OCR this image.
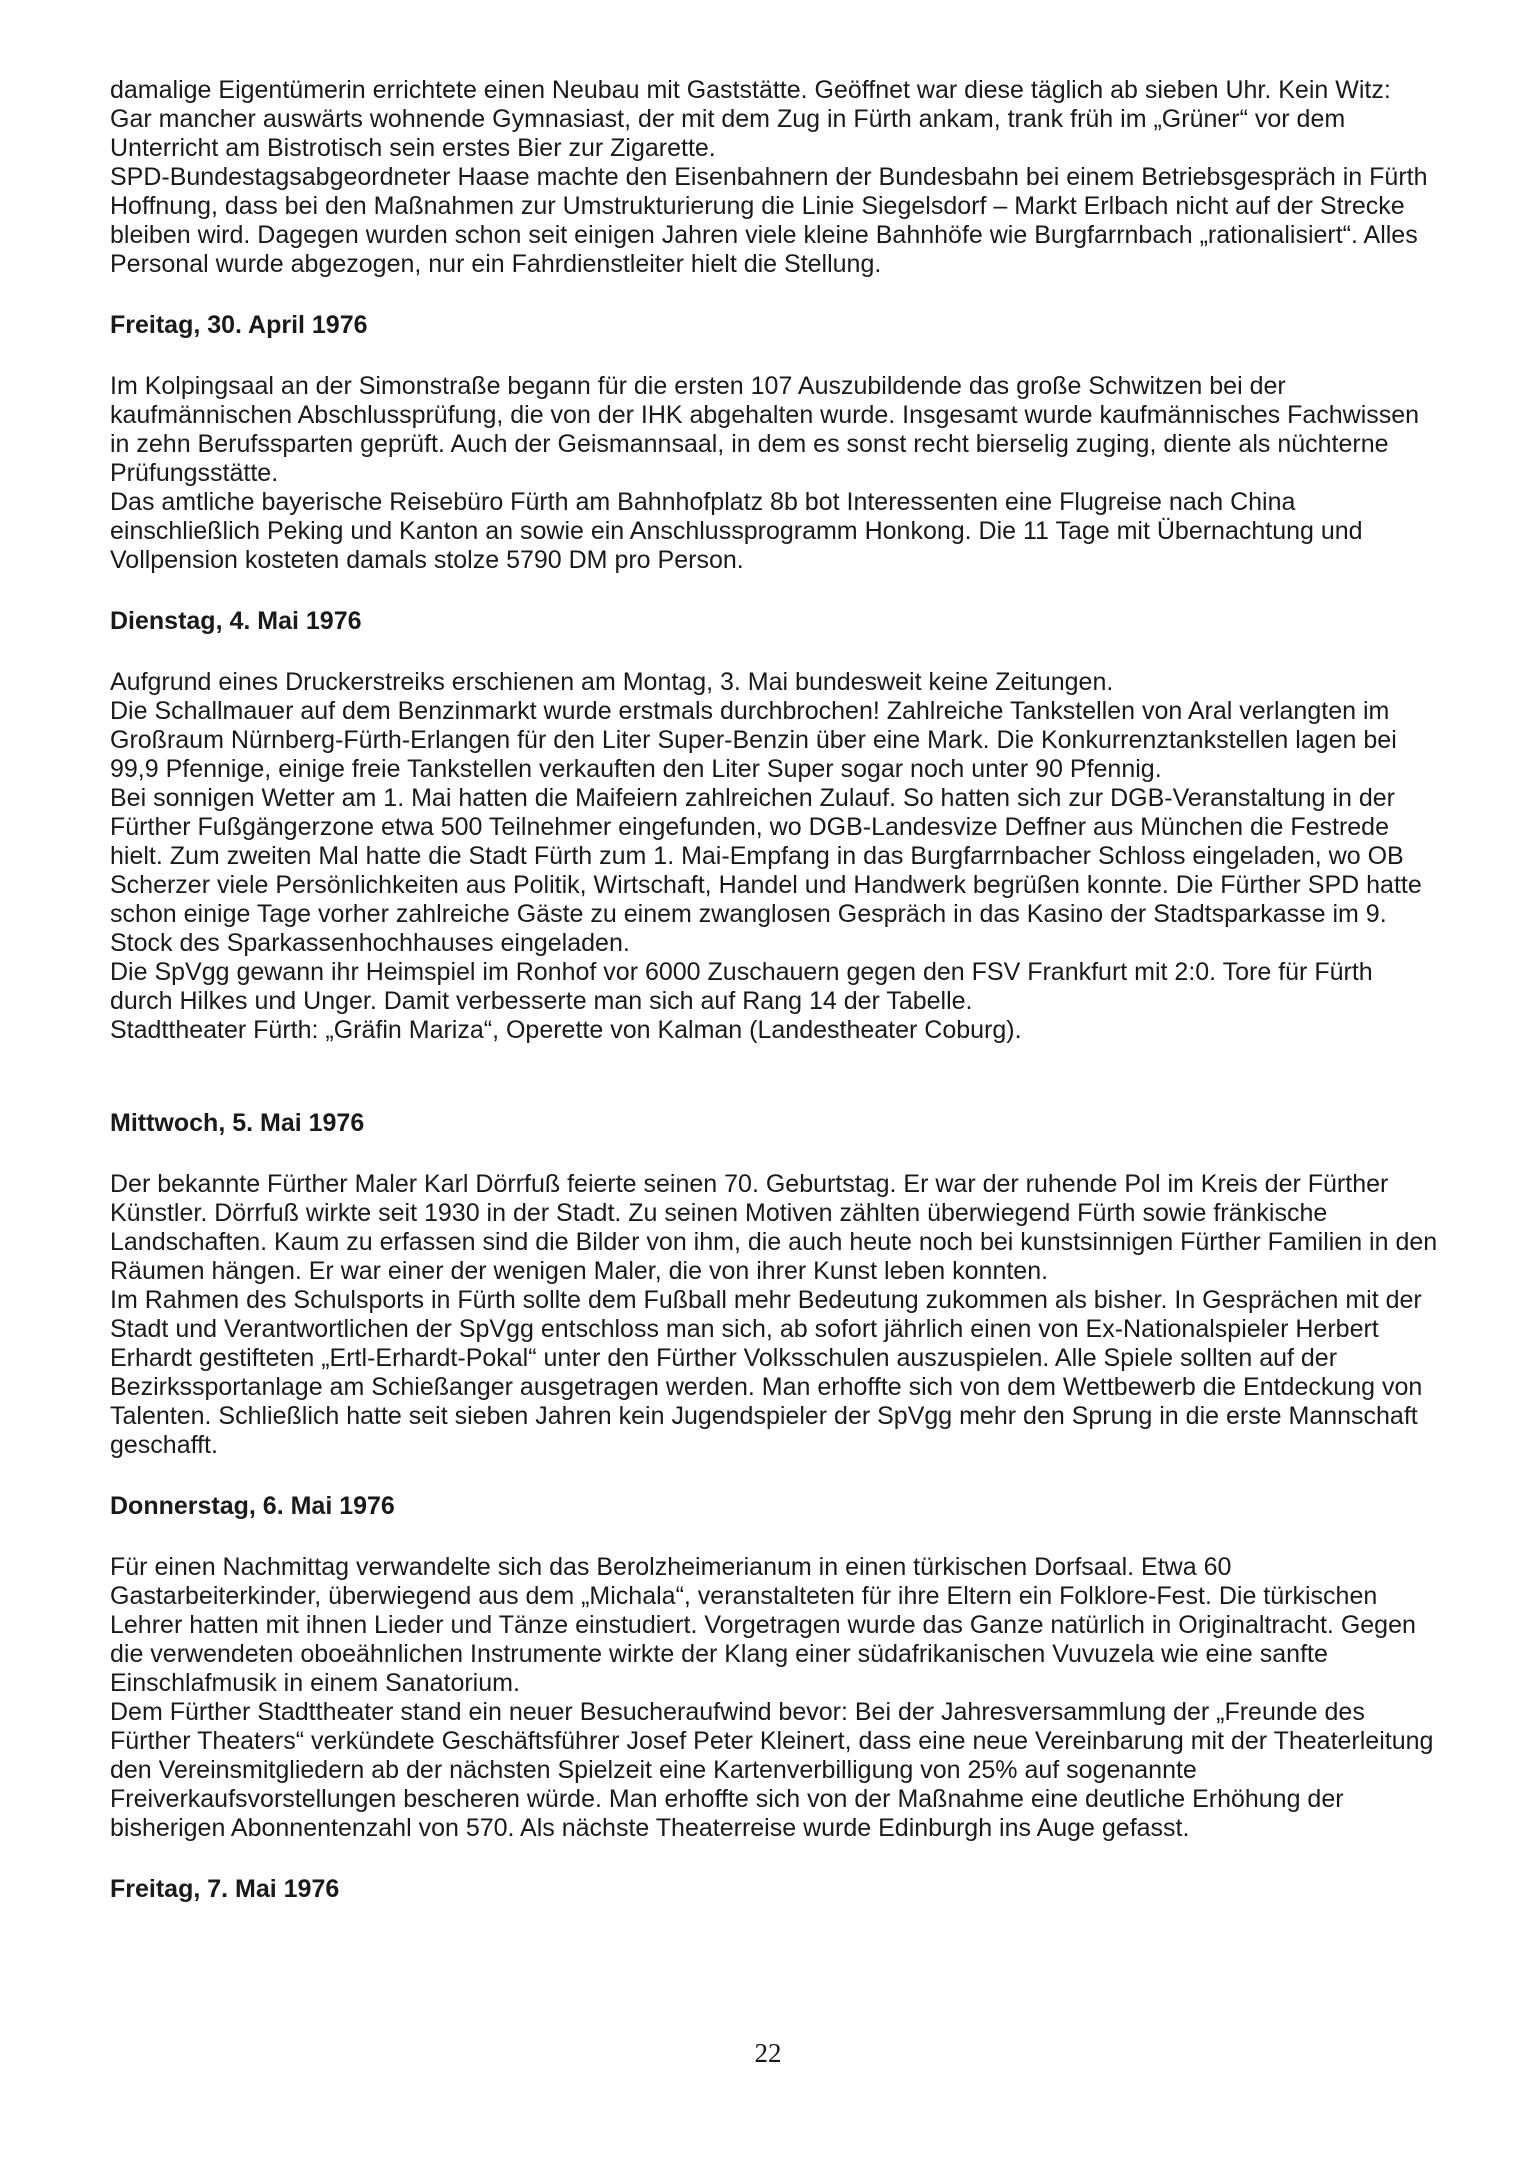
damalige Eigentümerin errichtete einen Neubau mit Gaststätte. Geöffnet war diese täglich ab sieben Uhr. Kein Witz: Gar mancher auswärts wohnende Gymnasiast, der mit dem Zug in Fürth ankam, trank früh im „Grüner“ vor dem Unterricht am Bistrotisch sein erstes Bier zur Zigarette.

SPD-Bundestagsabgeordneter Haase machte den Eisenbahnern der Bundesbahn bei einem Betriebsgespräch in Fürth Hoffnung, dass bei den Maßnahmen zur Umstrukturierung die Linie Siegelsdorf – Markt Erlbach nicht auf der Strecke bleiben wird. Dagegen wurden schon seit einigen Jahren viele kleine Bahnhöfe wie Burgfarrnbach „rationalisiert“. Alles Personal wurde abgezogen, nur ein Fahrdienstleiter hielt die Stellung.

Freitag, 30. April 1976

Im Kolpingsaal an der Simonstraße begann für die ersten 107 Auszubildende das große Schwitzen bei der kaufmännischen Abschlussprüfung, die von der IHK abgehalten wurde. Insgesamt wurde kaufmännisches Fachwissen in zehn Berufssparten geprüft. Auch der Geismannsaal, in dem es sonst recht bierselig zuging, diente als nüchterne Prüfungsstätte.

Das amtliche bayerische Reisebüro Fürth am Bahnhofplatz 8b bot Interessenten eine Flugreise nach China einschließlich Peking und Kanton an sowie ein Anschlussprogramm Honkong. Die 11 Tage mit Übernachtung und Vollpension kosteten damals stolze 5790 DM pro Person.

Dienstag, 4. Mai 1976

Aufgrund eines Druckerstreiks erschienen am Montag, 3. Mai bundesweit keine Zeitungen.

Die Schallmauer auf dem Benzinmarkt wurde erstmals durchbrochen! Zahlreiche Tankstellen von Aral verlangten im Großraum Nürnberg-Fürth-Erlangen für den Liter Super-Benzin über eine Mark. Die Konkurrenztankstellen lagen bei 99,9 Pfennige, einige freie Tankstellen verkauften den Liter Super sogar noch unter 90 Pfennig.

Bei sonnigen Wetter am 1. Mai hatten die Maifeiern zahlreichen Zulauf. So hatten sich zur DGB-Veranstaltung in der Fürther Fußgängerzone etwa 500 Teilnehmer eingefunden, wo DGB-Landesvize Deffner aus München die Festrede hielt. Zum zweiten Mal hatte die Stadt Fürth zum 1. Mai-Empfang in das Burgfarrnbacher Schloss eingeladen, wo OB Scherzer viele Persönlichkeiten aus Politik, Wirtschaft, Handel und Handwerk begrüßen konnte. Die Fürther SPD hatte schon einige Tage vorher zahlreiche Gäste zu einem zwanglosen Gespräch in das Kasino der Stadtsparkasse im 9. Stock des Sparkassenhochhauses eingeladen.

Die SpVgg gewann ihr Heimspiel im Ronhof vor 6000 Zuschauern gegen den FSV Frankfurt mit 2:0. Tore für Fürth durch Hilkes und Unger. Damit verbesserte man sich auf Rang 14 der Tabelle.

Stadttheater Fürth: „Gräfin Mariza“, Operette von Kalman (Landestheater Coburg).

Mittwoch, 5. Mai 1976

Der bekannte Fürther Maler Karl Dörrfuß feierte seinen 70. Geburtstag. Er war der ruhende Pol im Kreis der Fürther Künstler. Dörrfuß wirkte seit 1930 in der Stadt. Zu seinen Motiven zählten überwiegend Fürth sowie fränkische Landschaften. Kaum zu erfassen sind die Bilder von ihm, die auch heute noch bei kunstsinnigen Fürther Familien in den Räumen hängen. Er war einer der wenigen Maler, die von ihrer Kunst leben konnten.

Im Rahmen des Schulsports in Fürth sollte dem Fußball mehr Bedeutung zukommen als bisher. In Gesprächen mit der Stadt und Verantwortlichen der SpVgg entschloss man sich, ab sofort jährlich einen von Ex-Nationalspieler Herbert Erhardt gestifteten „Ertl-Erhardt-Pokal“ unter den Fürther Volksschulen auszuspielen. Alle Spiele sollten auf der Bezirkssportanlage am Schießanger ausgetragen werden. Man erhoffte sich von dem Wettbewerb die Entdeckung von Talenten. Schließlich hatte seit sieben Jahren kein Jugendspieler der SpVgg mehr den Sprung in die erste Mannschaft geschafft.

Donnerstag, 6. Mai 1976

Für einen Nachmittag verwandelte sich das Berolzheimerianum in einen türkischen Dorfsaal. Etwa 60 Gastarbeiterkinder, überwiegend aus dem „Michala“, veranstalteten für ihre Eltern ein Folklore-Fest. Die türkischen Lehrer hatten mit ihnen Lieder und Tänze einstudiert. Vorgetragen wurde das Ganze natürlich in Originaltracht. Gegen die verwendeten oboeähnlichen Instrumente wirkte der Klang einer südafrikanischen Vuvuzela wie eine sanfte Einschlafmusik in einem Sanatorium.

Dem Fürther Stadttheater stand ein neuer Besucheraufwind bevor: Bei der Jahresversammlung der „Freunde des Fürther Theaters“ verkündete Geschäftsführer Josef Peter Kleinert, dass eine neue Vereinbarung mit der Theaterleitung den Vereinsmitgliedern ab der nächsten Spielzeit eine Kartenverbilligung von 25% auf sogenannte Freiverkaufsvorstellungen bescheren würde. Man erhoffte sich von der Maßnahme eine deutliche Erhöhung der bisherigen Abonnentenzahl von 570. Als nächste Theaterreise wurde Edinburgh ins Auge gefasst.

Freitag, 7. Mai 1976
22
